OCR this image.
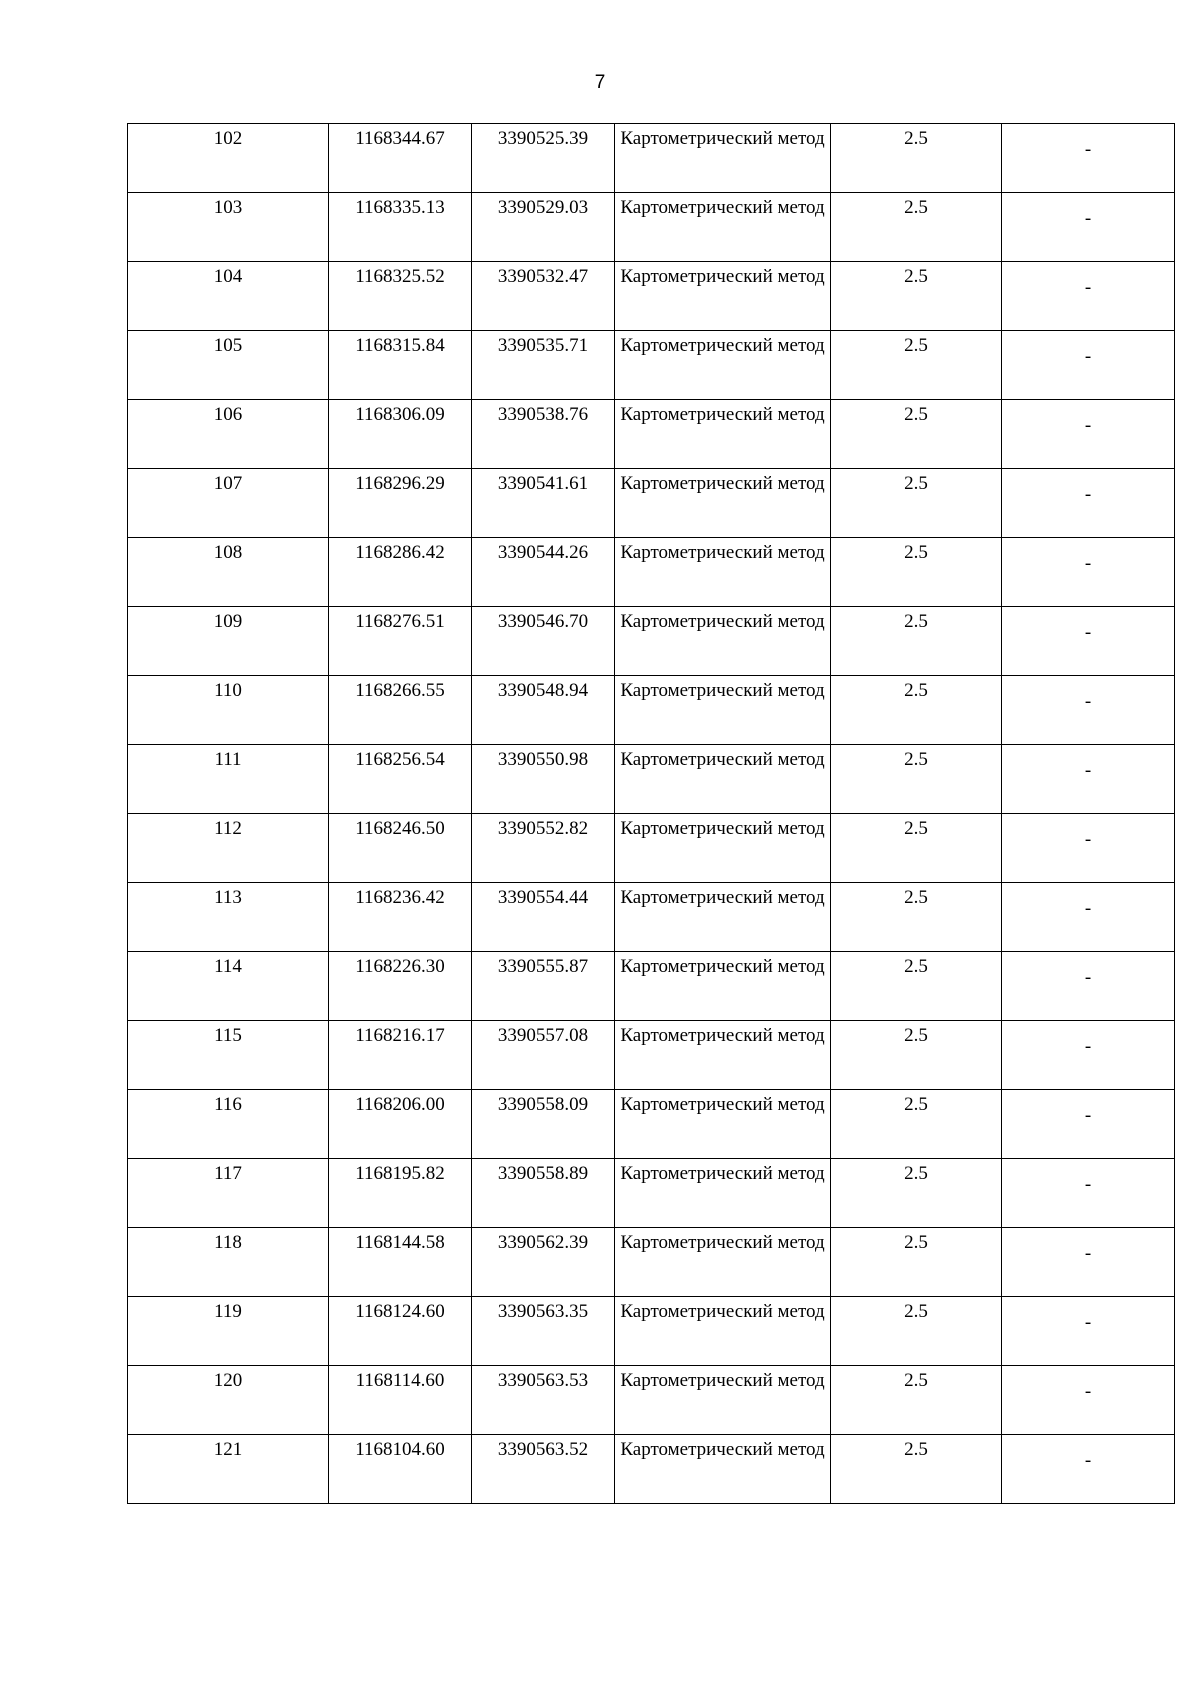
7
102	1168344.67	3390525.39	Картометрический метод	2.5	-

103	1168335.13	3390529.03	Картометрический метод	2.5	-

104	1168325.52	3390532.47	Картометрический метод	2.5	-

105	1168315.84	3390535.71	Картометрический метод	2.5	-

106	1168306.09	3390538.76	Картометрический метод	2.5	-

107	1168296.29	3390541.61	Картометрический метод	2.5	-

108	1168286.42	3390544.26	Картометрический метод	2.5	-

109	1168276.51	3390546.70	Картометрический метод	2.5	-

110	1168266.55	3390548.94	Картометрический метод	2.5	-

111	1168256.54	3390550.98	Картометрический метод	2.5	-

112	1168246.50	3390552.82	Картометрический метод	2.5	-

113	1168236.42	3390554.44	Картометрический метод	2.5	-

114	1168226.30	3390555.87	Картометрический метод	2.5	-

115	1168216.17	3390557.08	Картометрический метод	2.5	-

116	1168206.00	3390558.09	Картометрический метод	2.5	-

117	1168195.82	3390558.89	Картометрический метод	2.5	-

118	1168144.58	3390562.39	Картометрический метод	2.5	-

119	1168124.60	3390563.35	Картометрический метод	2.5	-

120	1168114.60	3390563.53	Картометрический метод	2.5	-

121	1168104.60	3390563.52	Картометрический метод	2.5	-
